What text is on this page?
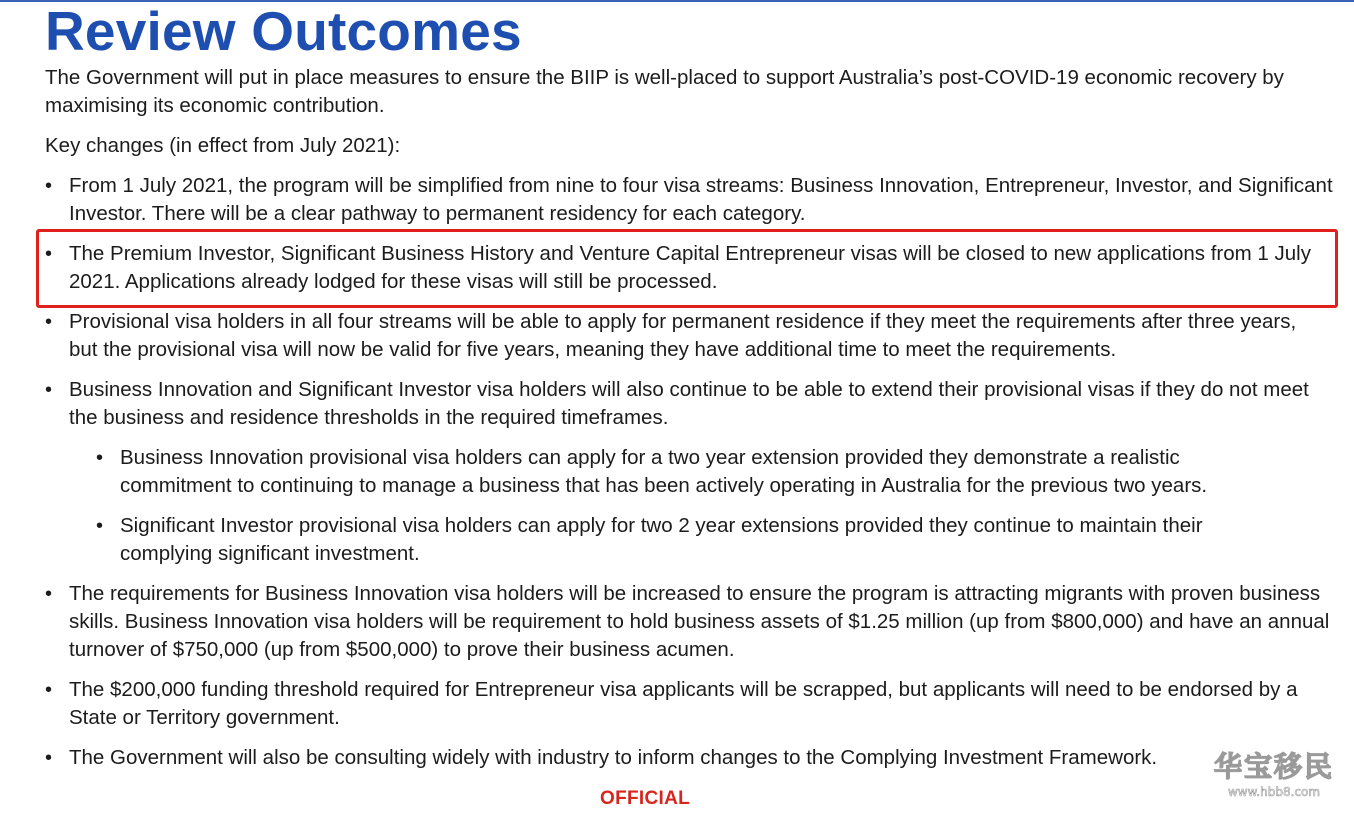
Review Outcomes

The Government will put in place measures to ensure the BIIP is well-placed to support Australia’s post-COVID-19 economic recovery by maximising its economic contribution.

Key changes (in effect from July 2021):

• From 1 July 2021, the program will be simplified from nine to four visa streams: Business Innovation, Entrepreneur, Investor, and Significant Investor. There will be a clear pathway to permanent residency for each category.
• The Premium Investor, Significant Business History and Venture Capital Entrepreneur visas will be closed to new applications from 1 July 2021. Applications already lodged for these visas will still be processed.
• Provisional visa holders in all four streams will be able to apply for permanent residence if they meet the requirements after three years, but the provisional visa will now be valid for five years, meaning they have additional time to meet the requirements.
• Business Innovation and Significant Investor visa holders will also continue to be able to extend their provisional visas if they do not meet the business and residence thresholds in the required timeframes.
• Business Innovation provisional visa holders can apply for a two year extension provided they demonstrate a realistic commitment to continuing to manage a business that has been actively operating in Australia for the previous two years.
• Significant Investor provisional visa holders can apply for two 2 year extensions provided they continue to maintain their complying significant investment.
• The requirements for Business Innovation visa holders will be increased to ensure the program is attracting migrants with proven business skills. Business Innovation visa holders will be requirement to hold business assets of $1.25 million (up from $800,000) and have an annual turnover of $750,000 (up from $500,000) to prove their business acumen.
• The $200,000 funding threshold required for Entrepreneur visa applicants will be scrapped, but applicants will need to be endorsed by a State or Territory government.
• The Government will also be consulting widely with industry to inform changes to the Complying Investment Framework.

OFFICIAL

华宝移民
www.hbb8.com
